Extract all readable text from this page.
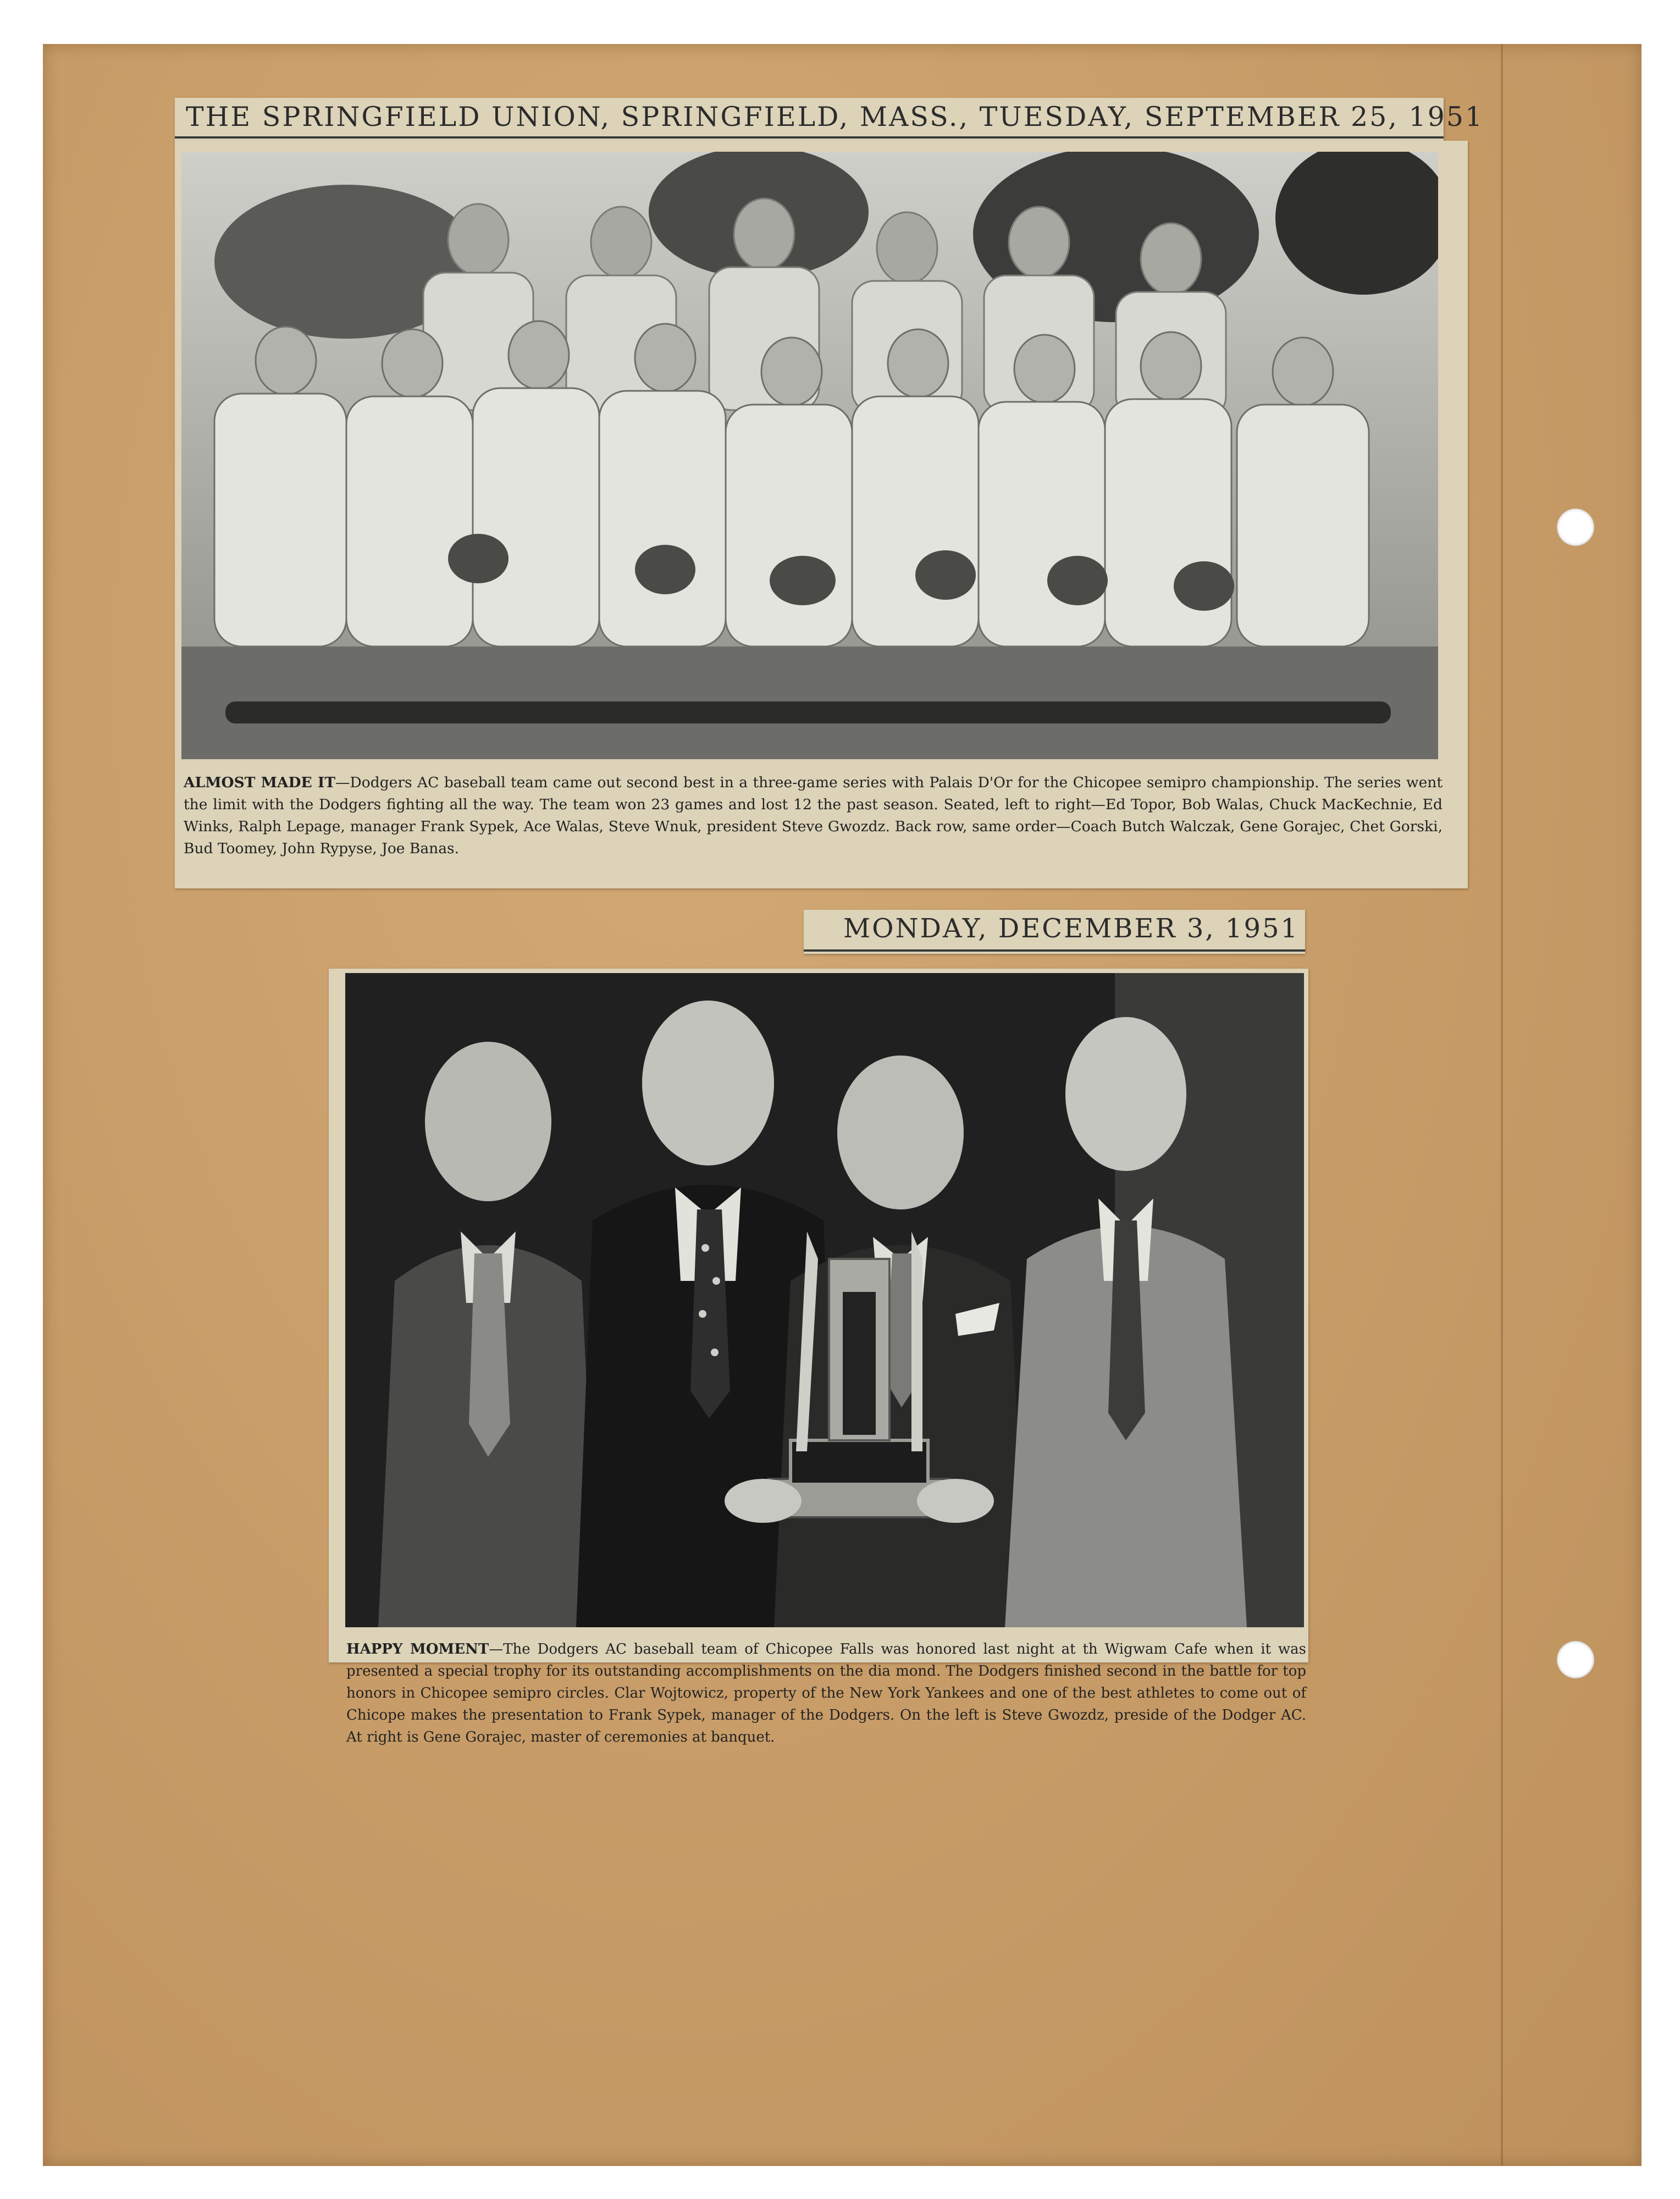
THE SPRINGFIELD UNION, SPRINGFIELD, MASS., TUESDAY, SEPTEMBER 25, 1951
ALMOST MADE IT—Dodgers AC baseball team came out second best in a three-game series with Palais D'Or for the Chicopee semipro championship. The series went the limit with the Dodgers fighting all the way. The team won 23 games and lost 12 the past season. Seated, left to right—Ed Topor, Bob Walas, Chuck MacKechnie, Ed Winks, Ralph Lepage, manager Frank Sypek, Ace Walas, Steve Wnuk, president Steve Gwozdz. Back row, same order—Coach Butch Walczak, Gene Gorajec, Chet Gorski, Bud Toomey, John Rypyse, Joe Banas.
MONDAY, DECEMBER 3, 1951
HAPPY MOMENT—The Dodgers AC baseball team of Chicopee Falls was honored last night at th Wigwam Cafe when it was presented a special trophy for its outstanding accomplishments on the dia mond. The Dodgers finished second in the battle for top honors in Chicopee semipro circles. Clar Wojtowicz, property of the New York Yankees and one of the best athletes to come out of Chicope makes the presentation to Frank Sypek, manager of the Dodgers. On the left is Steve Gwozdz, preside of the Dodger AC. At right is Gene Gorajec, master of ceremonies at banquet.
